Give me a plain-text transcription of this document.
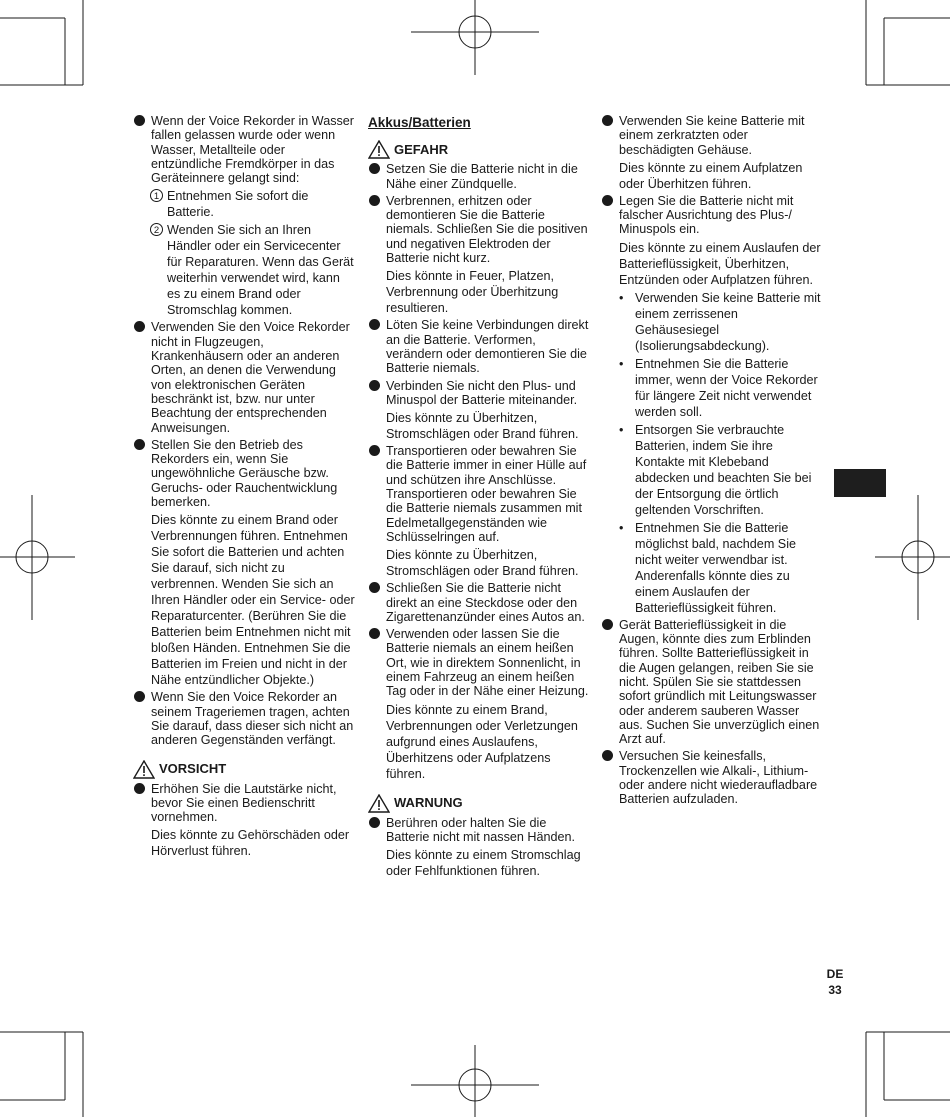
Wenn der Voice Rekorder in Wasser fallen gelassen wurde oder wenn Wasser, Metallteile oder entzündliche Fremdkörper in das Geräteinnere gelangt sind:
1 Entnehmen Sie sofort die Batterie.
2 Wenden Sie sich an Ihren Händler oder ein Servicecenter für Reparaturen. Wenn das Gerät weiterhin verwendet wird, kann es zu einem Brand oder Stromschlag kommen.
Verwenden Sie den Voice Rekorder nicht in Flugzeugen, Krankenhäusern oder an anderen Orten, an denen die Verwendung von elektronischen Geräten beschränkt ist, bzw. nur unter Beachtung der entsprechenden Anweisungen.
Stellen Sie den Betrieb des Rekorders ein, wenn Sie ungewöhnliche Geräusche bzw. Geruchs- oder Rauchentwicklung bemerken.
Dies könnte zu einem Brand oder Verbrennungen führen. Entnehmen Sie sofort die Batterien und achten Sie darauf, sich nicht zu verbrennen. Wenden Sie sich an Ihren Händler oder ein Service- oder Reparaturcenter. (Berühren Sie die Batterien beim Entnehmen nicht mit bloßen Händen. Entnehmen Sie die Batterien im Freien und nicht in der Nähe entzündlicher Objekte.)
Wenn Sie den Voice Rekorder an seinem Trageriemen tragen, achten Sie darauf, dass dieser sich nicht an anderen Gegenständen verfängt.
VORSICHT
Erhöhen Sie die Lautstärke nicht, bevor Sie einen Bedienschritt vornehmen.
Dies könnte zu Gehörschäden oder Hörverlust führen.
Akkus/Batterien
GEFAHR
Setzen Sie die Batterie nicht in die Nähe einer Zündquelle.
Verbrennen, erhitzen oder demontieren Sie die Batterie niemals. Schließen Sie die positiven und negativen Elektroden der Batterie nicht kurz.
Dies könnte in Feuer, Platzen, Verbrennung oder Überhitzung resultieren.
Löten Sie keine Verbindungen direkt an die Batterie. Verformen, verändern oder demontieren Sie die Batterie niemals.
Verbinden Sie nicht den Plus- und Minuspol der Batterie miteinander.
Dies könnte zu Überhitzen, Stromschlägen oder Brand führen.
Transportieren oder bewahren Sie die Batterie immer in einer Hülle auf und schützen ihre Anschlüsse. Transportieren oder bewahren Sie die Batterie niemals zusammen mit Edelmetallgegenständen wie Schlüsselringen auf.
Dies könnte zu Überhitzen, Stromschlägen oder Brand führen.
Schließen Sie die Batterie nicht direkt an eine Steckdose oder den Zigarettenanzünder eines Autos an.
Verwenden oder lassen Sie die Batterie niemals an einem heißen Ort, wie in direktem Sonnenlicht, in einem Fahrzeug an einem heißen Tag oder in der Nähe einer Heizung.
Dies könnte zu einem Brand, Verbrennungen oder Verletzungen aufgrund eines Auslaufens, Überhitzens oder Aufplatzens führen.
WARNUNG
Berühren oder halten Sie die Batterie nicht mit nassen Händen.
Dies könnte zu einem Stromschlag oder Fehlfunktionen führen.
Verwenden Sie keine Batterie mit einem zerkratzten oder beschädigten Gehäuse.
Dies könnte zu einem Aufplatzen oder Überhitzen führen.
Legen Sie die Batterie nicht mit falscher Ausrichtung des Plus-/ Minuspols ein.
Dies könnte zu einem Auslaufen der Batterieflüssigkeit, Überhitzen, Entzünden oder Aufplatzen führen.
• Verwenden Sie keine Batterie mit einem zerrissenen Gehäusesiegel (Isolierungsabdeckung).
• Entnehmen Sie die Batterie immer, wenn der Voice Rekorder für längere Zeit nicht verwendet werden soll.
• Entsorgen Sie verbrauchte Batterien, indem Sie ihre Kontakte mit Klebeband abdecken und beachten Sie bei der Entsorgung die örtlich geltenden Vorschriften.
• Entnehmen Sie die Batterie möglichst bald, nachdem Sie nicht weiter verwendbar ist. Anderenfalls könnte dies zu einem Auslaufen der Batterieflüssigkeit führen.
Gerät Batterieflüssigkeit in die Augen, könnte dies zum Erblinden führen. Sollte Batterieflüssigkeit in die Augen gelangen, reiben Sie sie nicht. Spülen Sie sie stattdessen sofort gründlich mit Leitungswasser oder anderem sauberen Wasser aus. Suchen Sie unverzüglich einen Arzt auf.
Versuchen Sie keinesfalls, Trockenzellen wie Alkali-, Lithium- oder andere nicht wiederaufladbare Batterien aufzuladen.
DE
33
